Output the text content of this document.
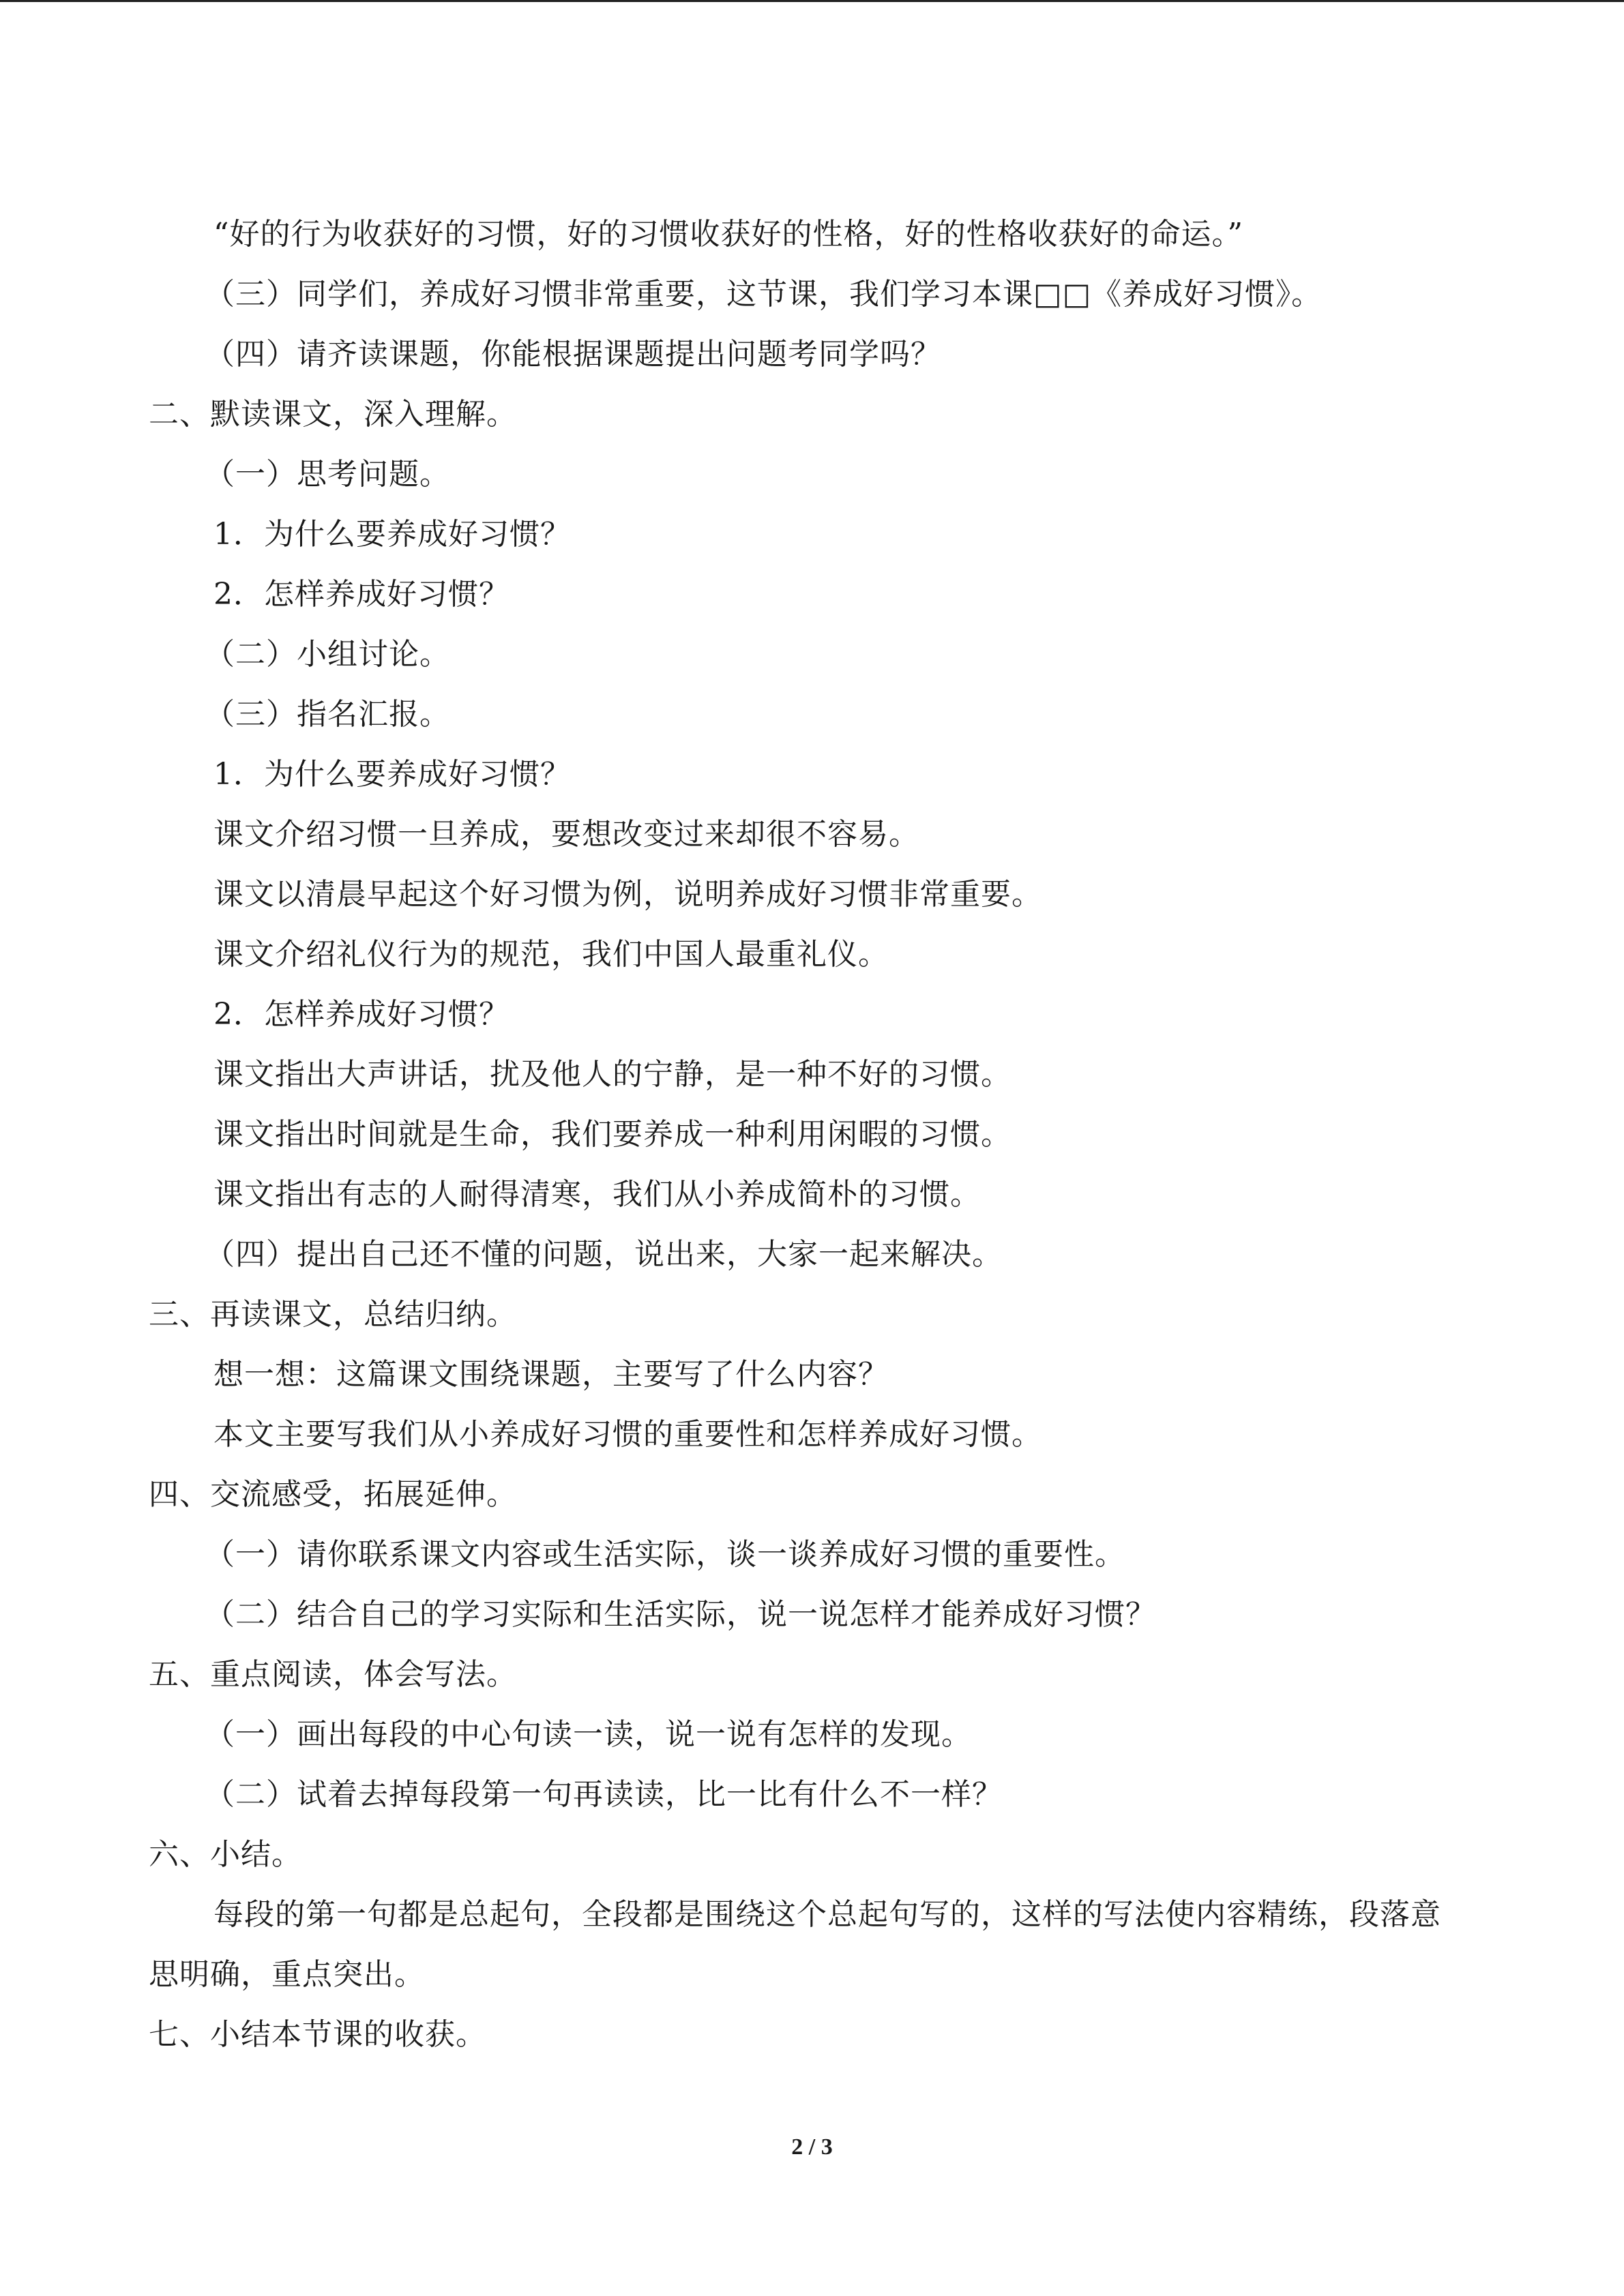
“好的行为收获好的习惯，好的习惯收获好的性格，好的性格收获好的命运。”
（三）同学们，养成好习惯非常重要，这节课，我们学习本课□□《养成好习惯》。
（四）请齐读课题，你能根据课题提出问题考同学吗？
二、默读课文，深入理解。
（一）思考问题。
1．为什么要养成好习惯？
2．怎样养成好习惯？
（二）小组讨论。
（三）指名汇报。
1．为什么要养成好习惯？
课文介绍习惯一旦养成，要想改变过来却很不容易。
课文以清晨早起这个好习惯为例，说明养成好习惯非常重要。
课文介绍礼仪行为的规范，我们中国人最重礼仪。
2．怎样养成好习惯？
课文指出大声讲话，扰及他人的宁静，是一种不好的习惯。
课文指出时间就是生命，我们要养成一种利用闲暇的习惯。
课文指出有志的人耐得清寒，我们从小养成简朴的习惯。
（四）提出自己还不懂的问题，说出来，大家一起来解决。
三、再读课文，总结归纳。
想一想：这篇课文围绕课题，主要写了什么内容？
本文主要写我们从小养成好习惯的重要性和怎样养成好习惯。
四、交流感受，拓展延伸。
（一）请你联系课文内容或生活实际，谈一谈养成好习惯的重要性。
（二）结合自己的学习实际和生活实际，说一说怎样才能养成好习惯？
五、重点阅读，体会写法。
（一）画出每段的中心句读一读，说一说有怎样的发现。
（二）试着去掉每段第一句再读读，比一比有什么不一样？
六、小结。
每段的第一句都是总起句，全段都是围绕这个总起句写的，这样的写法使内容精练，段落意思明确，重点突出。
七、小结本节课的收获。
2 / 3
